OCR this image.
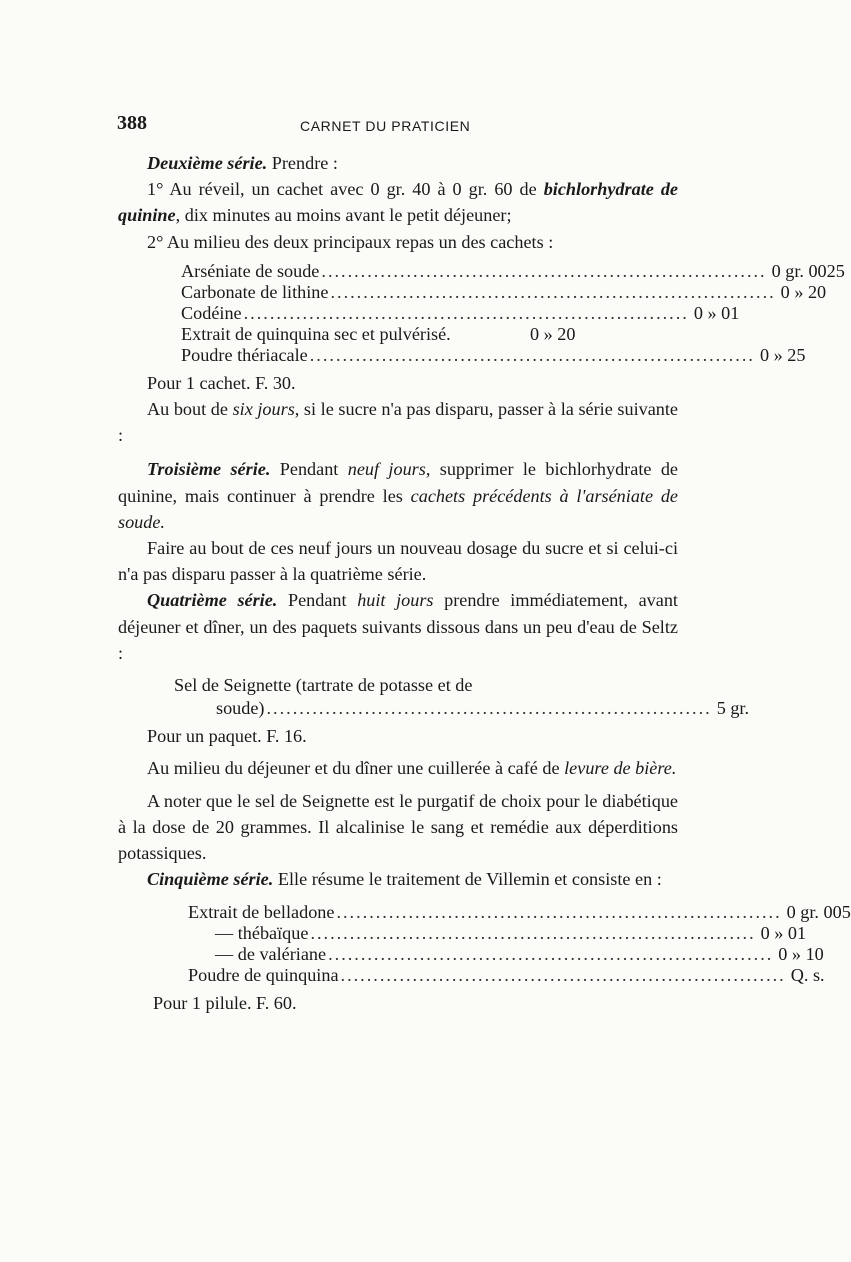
388	CARNET DU PRATICIEN

Deuxième série. Prendre :

1° Au réveil, un cachet avec 0 gr. 40 à 0 gr. 60 de bichlorhydrate de quinine, dix minutes au moins avant le petit déjeuner;

2° Au milieu des deux principaux repas un des cachets :

Arséniate de soude .................................................................... 0 gr. 0025
Carbonate de lithine .................................................................... 0 » 20
Codéine .................................................................... 0 » 01
Extrait de quinquina sec et pulvérisé.	0 » 20
Poudre thériacale .................................................................... 0 » 25

Pour 1 cachet. F. 30.

Au bout de six jours, si le sucre n'a pas disparu, passer à la série suivante :

Troisième série. Pendant neuf jours, supprimer le bichlorhydrate de quinine, mais continuer à prendre les cachets précédents à l'arséniate de soude.

Faire au bout de ces neuf jours un nouveau dosage du sucre et si celui-ci n'a pas disparu passer à la quatrième série.

Quatrième série. Pendant huit jours prendre immédiatement, avant déjeuner et dîner, un des paquets suivants dissous dans un peu d'eau de Seltz :

Sel de Seignette (tartrate de potasse et de

soude) .................................................................... 5 gr.

Pour un paquet. F. 16.

Au milieu du déjeuner et du dîner une cuillerée à café de levure de bière.

A noter que le sel de Seignette est le purgatif de choix pour le diabétique à la dose de 20 grammes. Il alcalinise le sang et remédie aux déperditions potassiques.

Cinquième série. Elle résume le traitement de Villemin et consiste en :

Extrait de belladone .................................................................... 0 gr. 005
— thébaïque .................................................................... 0 » 01
— de valériane .................................................................... 0 » 10
Poudre de quinquina .................................................................... Q. s.

Pour 1 pilule. F. 60.
